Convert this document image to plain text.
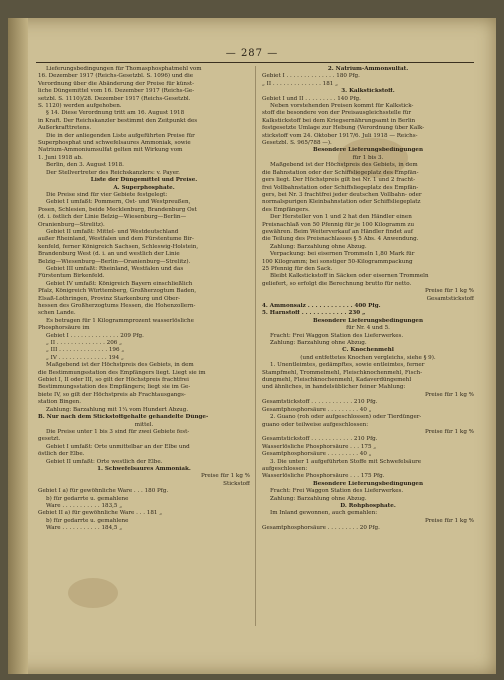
— 287 —
Lieferungsbedingungen für Thomasphosphatmehl vom
16. Dezember 1917 (Reichs-Gesetzbl. S. 1096) und die
Verordnung über die Abänderung der Preise für künst-
liche Düngemittel vom 16. Dezember 1917 (Reichs-Ge-
setzbl. S. 1110)/28. Dezember 1917 (Reichs-Gesetzbl.
S. 1120) werden aufgehoben.
§ 14. Diese Verordnung tritt am 16. August 1918
in Kraft. Der Reichskanzler bestimmt den Zeitpunkt des
Außerkrafttretens.
Die in der anliegenden Liste aufgeführten Preise für
Superphosphat und schwefelsaures Ammoniak, sowie
Natrium-Ammoniumsulfat gelten mit Wirkung vom
1. Juni 1918 ab.
Berlin, den 3. August 1918.
Der Stellvertreter des Reichskanzlers: v. Payer.
Liste der Düngemittel und Preise.
A. Superphosphate.
Die Preise sind für vier Gebiete festgelegt:
Gebiet I umfaßt: Pommern, Ost- und Westpreußen,
Posen, Schlesien, beide Mecklenburg, Brandenburg Ost
(d. i. östlich der Linie Belzig—Wiesenburg—Berlin—
Oranienburg—Strelitz).
Gebiet II umfaßt: Mittel- und Westdeutschland
außer Rheinland, Westfalen und dem Fürstentume Bir-
kenfeld, ferner Königreich Sachsen, Schleswig-Holstein,
Brandenburg West (d. i. an und westlich der Linie
Belzig—Wiesenburg—Berlin—Oranienburg—Strelitz).
Gebiet III umfaßt: Rheinland, Westfalen und das
Fürstentum Birkenfeld.
Gebiet IV umfaßt: Königreich Bayern einschließlich
Pfalz, Königreich Württemberg, Großherzogtum Baden,
Elsaß-Lothringen, Provinz Starkenburg und Ober-
hessen des Großherzogtums Hessen, die Hohenzollern-
schen Lande.
Es betragen für 1 Kilogrammprozent wasserlösliche
Phosphorsäure im
Gebiet I . . . . . . . . . . . . . . 209 Pfg.
„ II . . . . . . . . . . . . . . 206 „
„ III . . . . . . . . . . . . . . 196 „
„ IV . . . . . . . . . . . . . . 194 „
Maßgebend ist der Höchstpreis des Gebiets, in dem
die Bestimmungsstation des Empfängers liegt. Liegt sie im
Gebiet I, II oder III, so gilt der Höchstpreis frachtfrei
Bestimmungsstation des Empfängers; liegt sie im Ge-
biete IV, so gilt der Höchstpreis ab Frachtausgangs-
station Bingen.
Zahlung: Barzahlung mit 1¼ vom Hundert Abzug.
B. Nur nach dem Stickstoffgehalte gehandelte Dünge-
mittel.
Die Preise unter 1 bis 3 sind für zwei Gebiete fest-
gesetzt.
Gebiet I umfaßt: Orte unmittelbar an der Elbe und
östlich der Elbe.
Gebiet II umfaßt: Orte westlich der Elbe.
1. Schwefelsaures Ammoniak.
Preise für 1 kg %
Stickstoff
Gebiet I a) für gewöhnliche Ware . . . 180 Pfg.
b) für gedarrte u. gemahlene
Ware . . . . . . . . . . . 183,5 „
Gebiet II a) für gewöhnliche Ware . . . 181 „
b) für gedarrte u. gemahlene
Ware . . . . . . . . . . . 184,5 „
2. Natrium-Ammonsulfat.
Gebiet I . . . . . . . . . . . . . . 180 Pfg.
„ II . . . . . . . . . . . . . . 181 „
3. Kalkstickstoff.
Gebiet I und II . . . . . . . . . 140 Pfg.
Neben vorstehenden Preisen kommt für Kalkstick-
stoff die besondere von der Preisausgleichsstelle für
Kalkstickstoff bei dem Kriegsernährungsamt in Berlin
festgesetzte Umlage zur Hebung (Verordnung über Kalk-
stickstoff vom 24. Oktober 1917/6. Juli 1918 — Reichs-
Gesetzbl. S. 965/788 —).
Besondere Lieferungsbedingungen
für 1 bis 3.
Maßgebend ist der Höchstpreis des Gebiets, in dem
die Bahnstation oder der Schiffsliegeplatz des Empfän-
gers liegt. Der Höchstpreis gilt bei Nr. 1 und 2 fracht-
frei Vollbahnstation oder Schiffsliegeplatz des Empfän-
gers, bei Nr. 3 frachtfrei jeder deutschen Vollbahn- oder
normalspurigen Kleinbahnstation oder Schiffsliegeplatz
des Empfängers.
Der Hersteller von 1 und 2 hat den Händler einen
Preisnachlaß von 50 Pfennig für je 100 Kilogramm zu
gewähren. Beim Weiterverkauf an Händler findet auf
die Teilung des Preisnachlasses § 5 Abs. 4 Anwendung.
Zahlung: Barzahlung ohne Abzug.
Verpackung: bei eisernen Trommeln 1,80 Mark für
100 Kilogramm; bei sonstiger 50-Kilogrammpackung
25 Pfennig für den Sack.
Bleibt Kalkstickstoff in Säcken oder eisernen Trommeln
geliefert, so erfolgt die Berechnung brutto für netto.
Preise für 1 kg %
Gesamtstickstoff
4. Ammonsalz . . . . . . . . . . . . 400 Pfg.
5. Harnstoff . . . . . . . . . . . . 230 „
Besondere Lieferungsbedingungen
für Nr. 4 und 5.
Fracht: Frei Waggon Station des Lieferwerkes.
Zahlung: Barzahlung ohne Abzug.
C. Knochenmehl
(und entfettetes Knochen vergleichs, siehe § 9).
1. Unentleimtes, gedämpftes, sowie entleimtes, ferner
Stampfmehl, Trommelmehl, Fleischknochenmehl, Fisch-
dungmehl, Fleischknochenmehl, Kadaverdüngemehl
und ähnliches, in handelsüblicher feiner Mahlung:
Preise für 1 kg %
Gesamtstickstoff . . . . . . . . . . . . 210 Pfg.
Gesamtphosphorsäure . . . . . . . . . 40 „
2. Guano (roh oder aufgeschlossen) oder Tierdünger-
guano oder teilweise aufgeschlossen:
Preise für 1 kg %
Gesamtstickstoff . . . . . . . . . . . . 210 Pfg.
Wasserlösliche Phosphorsäure . . . 175 „
Gesamtphosphorsäure . . . . . . . . . 40 „
3. Die unter 1 aufgeführten Stoffe mit Schwefelsäure
aufgeschlossen:
Wasserlösliche Phosphorsäure . . . 175 Pfg.
Besondere Lieferungsbedingungen
Fracht: Frei Waggon Station des Lieferwerkes.
Zahlung: Barzahlung ohne Abzug.
D. Rohphosphate.
Im Inland gewonnen, auch gemahlen:
Preise für 1 kg %
Gesamtphosphorsäure . . . . . . . . . 20 Pfg.
